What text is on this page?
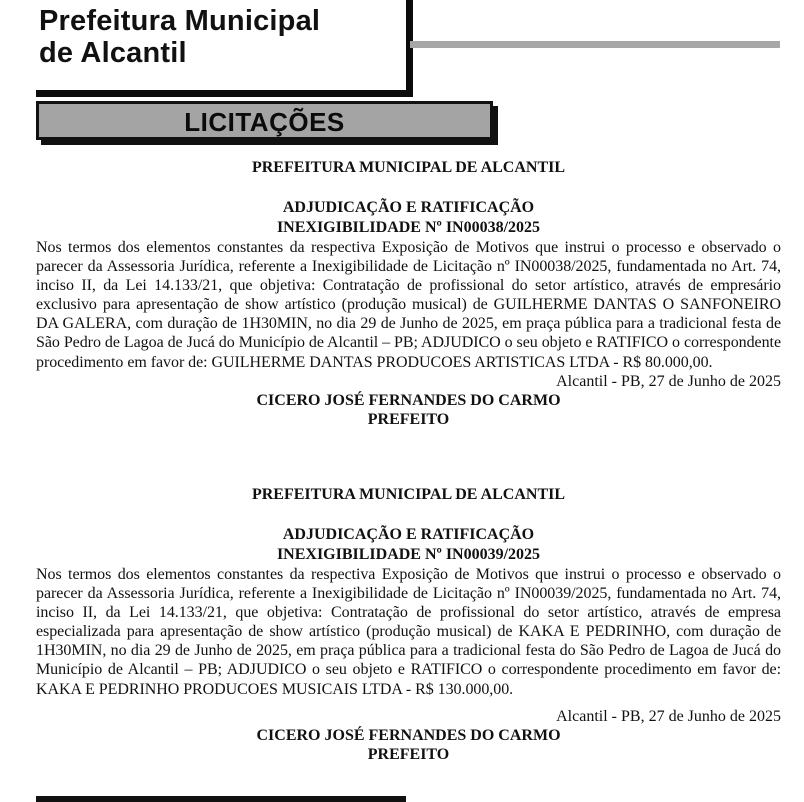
Prefeitura Municipal
de Alcantil
LICITAÇÕES

PREFEITURA MUNICIPAL DE ALCANTIL

ADJUDICAÇÃO E RATIFICAÇÃO

INEXIGIBILIDADE Nº IN00038/2025

Nos termos dos elementos constantes da respectiva Exposição de Motivos que instrui o processo e observado o parecer da Assessoria Jurídica, referente a Inexigibilidade de Licitação nº IN00038/2025, fundamentada no Art. 74, inciso II, da Lei 14.133/21, que objetiva: Contratação de profissional do setor artístico, através de empresário exclusivo para apresentação de show artístico (produção musical) de GUILHERME DANTAS O SANFONEIRO DA GALERA, com duração de 1H30MIN, no dia 29 de Junho de 2025, em praça pública para a tradicional festa de São Pedro de Lagoa de Jucá do Município de Alcantil – PB; ADJUDICO o seu objeto e RATIFICO o correspondente procedimento em favor de: GUILHERME DANTAS PRODUCOES ARTISTICAS LTDA - R$ 80.000,00.

Alcantil - PB, 27 de Junho de 2025

CICERO JOSÉ FERNANDES DO CARMO

PREFEITO

PREFEITURA MUNICIPAL DE ALCANTIL

ADJUDICAÇÃO E RATIFICAÇÃO

INEXIGIBILIDADE Nº IN00039/2025

Nos termos dos elementos constantes da respectiva Exposição de Motivos que instrui o processo e observado o parecer da Assessoria Jurídica, referente a Inexigibilidade de Licitação nº IN00039/2025, fundamentada no Art. 74, inciso II, da Lei 14.133/21, que objetiva: Contratação de profissional do setor artístico, através de empresa especializada para apresentação de show artístico (produção musical) de KAKA E PEDRINHO, com duração de 1H30MIN, no dia 29 de Junho de 2025, em praça pública para a tradicional festa do São Pedro de Lagoa de Jucá do Município de Alcantil – PB; ADJUDICO o seu objeto e RATIFICO o correspondente procedimento em favor de: KAKA E PEDRINHO PRODUCOES MUSICAIS LTDA - R$ 130.000,00.

Alcantil - PB, 27 de Junho de 2025

CICERO JOSÉ FERNANDES DO CARMO

PREFEITO
